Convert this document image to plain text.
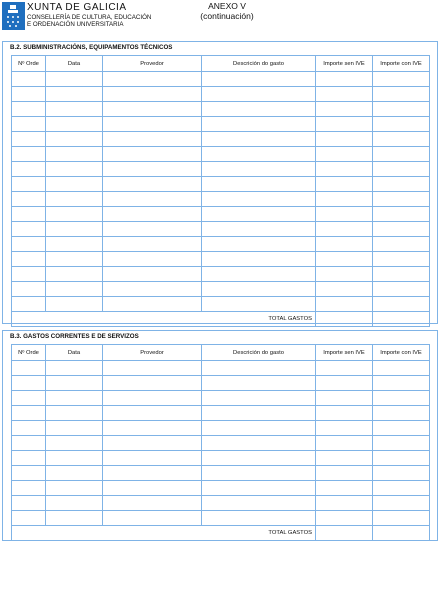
XUNTA DE GALICIA
CONSELLERÍA DE CULTURA, EDUCACIÓN
E ORDENACIÓN UNIVERSITARIA
ANEXO V
(continuación)
B.2. SUBMINISTRACIÓNS, EQUIPAMENTOS TÉCNICOS
Nº Orde	Data	Provedor	Descrición do gasto	Importe sen IVE	Importe con IVE

TOTAL GASTOS					
B.3. GASTOS CORRENTES E DE SERVIZOS
Nº Orde	Data	Provedor	Descrición do gasto	Importe sen IVE	Importe con IVE

TOTAL GASTOS					
